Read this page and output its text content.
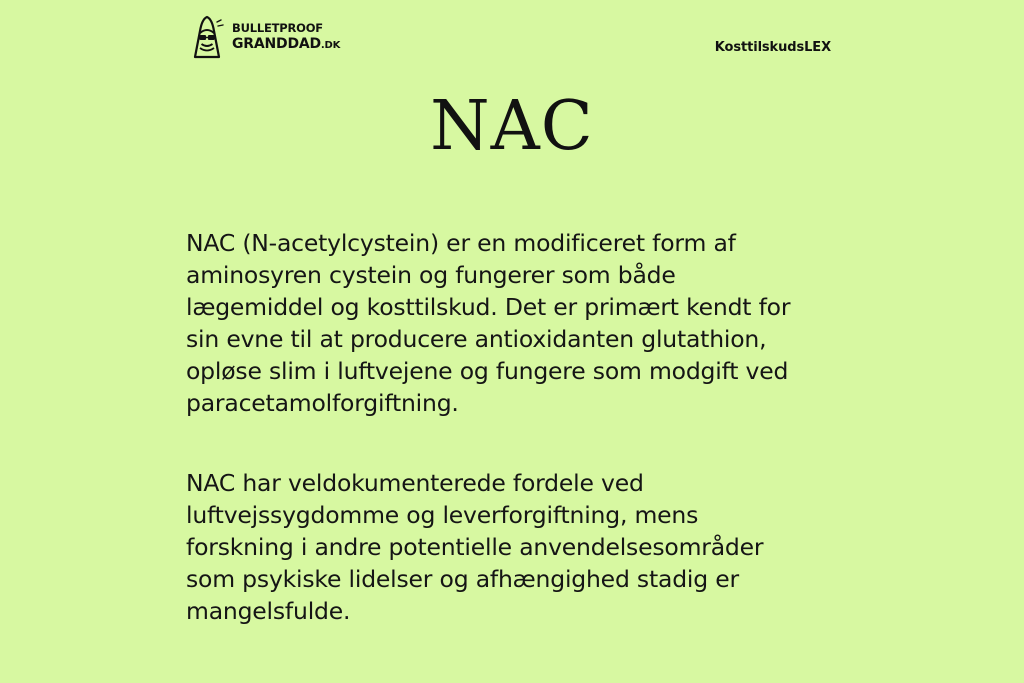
BULLETPROOF
GRANDDAD.DK	KosttilskudsLEX
NAC

NAC (N-acetylcystein) er en modificeret form af
aminosyren cystein og fungerer som både
lægemiddel og kosttilskud. Det er primært kendt for
sin evne til at producere antioxidanten glutathion,
opløse slim i luftvejene og fungere som modgift ved
paracetamolforgiftning.

NAC har veldokumenterede fordele ved
luftvejssygdomme og leverforgiftning, mens
forskning i andre potentielle anvendelsesområder
som psykiske lidelser og afhængighed stadig er
mangelsfulde.
